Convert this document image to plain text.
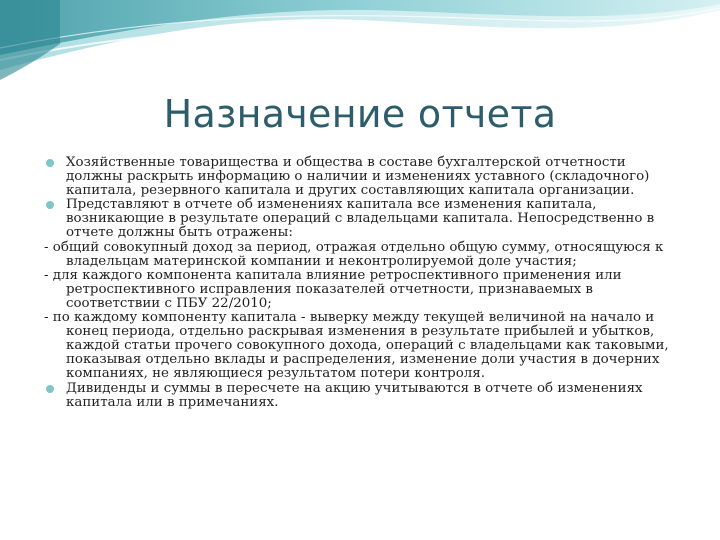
Назначение отчета

Хозяйственные товарищества и общества в составе бухгалтерской отчетности должны раскрыть информацию о наличии и изменениях уставного (складочного) капитала, резервного капитала и других составляющих капитала организации.

Представляют в отчете об изменениях капитала все изменения капитала, возникающие в результате операций с владельцами капитала. Непосредственно в отчете должны быть отражены:

- общий совокупный доход за период, отражая отдельно общую сумму, относящуюся к владельцам материнской компании и неконтролируемой доле участия;

- для каждого компонента капитала влияние ретроспективного применения или ретроспективного исправления показателей отчетности, признаваемых в соответствии с ПБУ 22/2010;

- по каждому компоненту капитала - выверку между текущей величиной на начало и конец периода, отдельно раскрывая изменения в результате прибылей и убытков, каждой статьи прочего совокупного дохода, операций с владельцами как таковыми, показывая отдельно вклады и распределения, изменение доли участия в дочерних компаниях, не являющиеся результатом потери контроля.

Дивиденды и суммы в пересчете на акцию учитываются в отчете об изменениях капитала или в примечаниях.
